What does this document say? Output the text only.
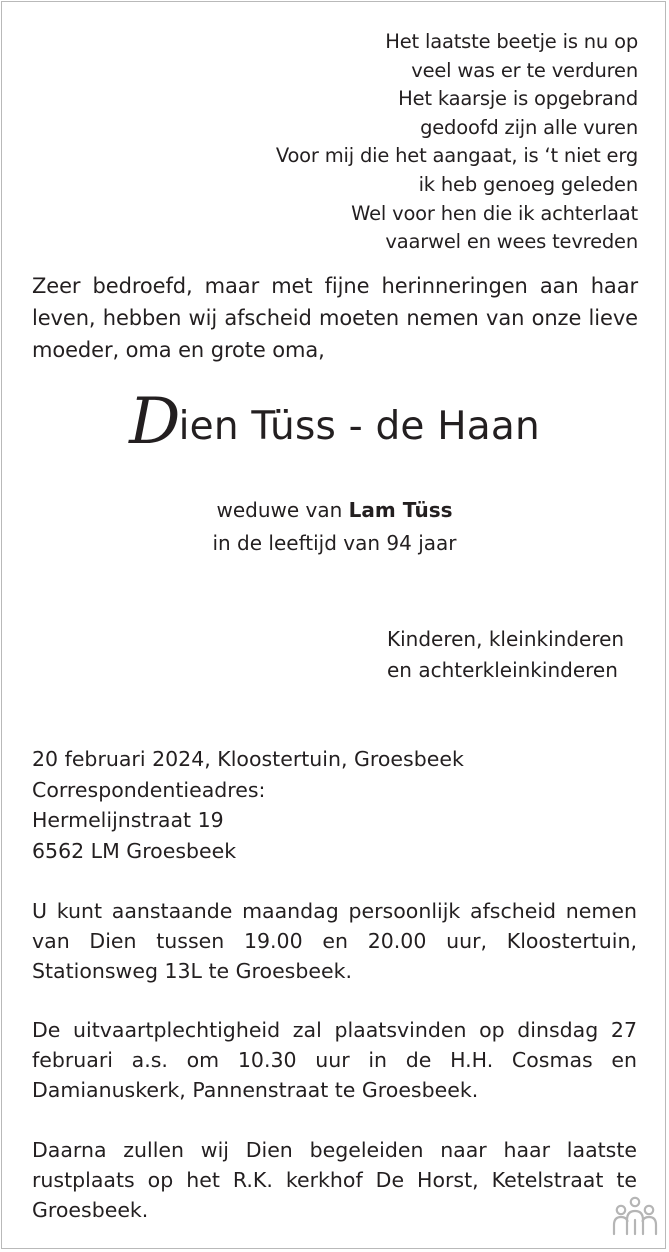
Het laatste beetje is nu op
veel was er te verduren
Het kaarsje is opgebrand
gedoofd zijn alle vuren
Voor mij die het aangaat, is ‘t niet erg
ik heb genoeg geleden
Wel voor hen die ik achterlaat
vaarwel en wees tevreden
Zeer bedroefd, maar met fijne herinneringen aan haar leven, hebben wij afscheid moeten nemen van onze lieve moeder, oma en grote oma,
Dien Tüss - de Haan
weduwe van Lam Tüss
in de leeftijd van 94 jaar
Kinderen, kleinkinderen
en achterkleinkinderen
20 februari 2024, Kloostertuin, Groesbeek
Correspondentieadres:
Hermelijnstraat 19
6562 LM Groesbeek
U kunt aanstaande maandag persoonlijk afscheid nemen van Dien tussen 19.00 en 20.00 uur, Kloostertuin, Stationsweg 13L te Groesbeek.
De uitvaartplechtigheid zal plaatsvinden op dinsdag 27 februari a.s. om 10.30 uur in de H.H. Cosmas en Damianuskerk, Pannenstraat te Groesbeek.
Daarna zullen wij Dien begeleiden naar haar laatste rustplaats op het R.K. kerkhof De Horst, Ketelstraat te Groesbeek.
